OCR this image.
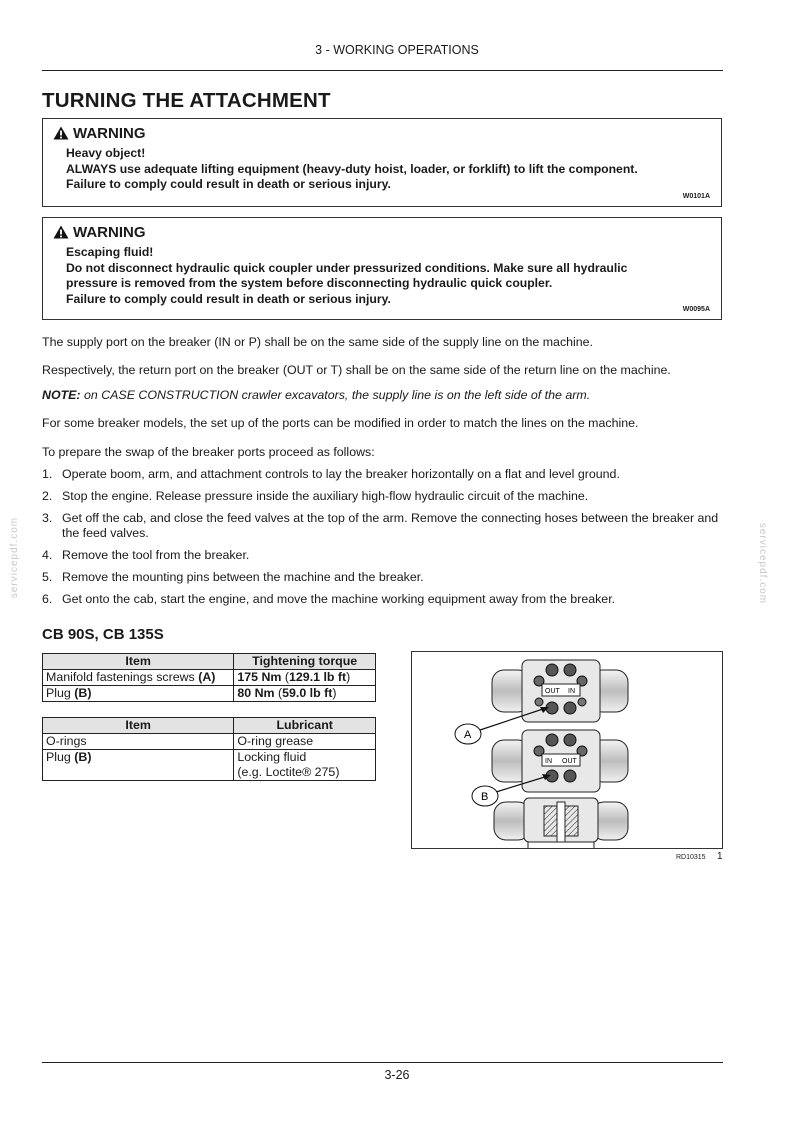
3 - WORKING OPERATIONS
TURNING THE ATTACHMENT
WARNING
Heavy object!
ALWAYS use adequate lifting equipment (heavy-duty hoist, loader, or forklift) to lift the component.
Failure to comply could result in death or serious injury.
W0101A
WARNING
Escaping fluid!
Do not disconnect hydraulic quick coupler under pressurized conditions. Make sure all hydraulic
pressure is removed from the system before disconnecting hydraulic quick coupler.
Failure to comply could result in death or serious injury.
W0095A

The supply port on the breaker (IN or P) shall be on the same side of the supply line on the machine.

Respectively, the return port on the breaker (OUT or T) shall be on the same side of the return line on the machine.

NOTE: on CASE CONSTRUCTION crawler excavators, the supply line is on the left side of the arm.

For some breaker models, the set up of the ports can be modified in order to match the lines on the machine.

To prepare the swap of the breaker ports proceed as follows:

1. Operate boom, arm, and attachment controls to lay the breaker horizontally on a flat and level ground.
2. Stop the engine. Release pressure inside the auxiliary high-flow hydraulic circuit of the machine.
3. Get off the cab, and close the feed valves at the top of the arm. Remove the connecting hoses between the breaker and the feed valves.
4. Remove the tool from the breaker.
5. Remove the mounting pins between the machine and the breaker.
6. Get onto the cab, start the engine, and move the machine working equipment away from the breaker.
servicepdf.com	servicepdf.com
CB 90S, CB 135S
Item	Tightening torque
Manifold fastenings screws (A)	175 Nm (129.1 lb ft)
Plug (B)	80 Nm (59.0 lb ft)
Item	Lubricant
O-rings	O-ring grease
Plug (B)	Locking fluid
(e.g. Loctite® 275)
OUT IN
IN OUT
A
B
RD10315 1
3-26
